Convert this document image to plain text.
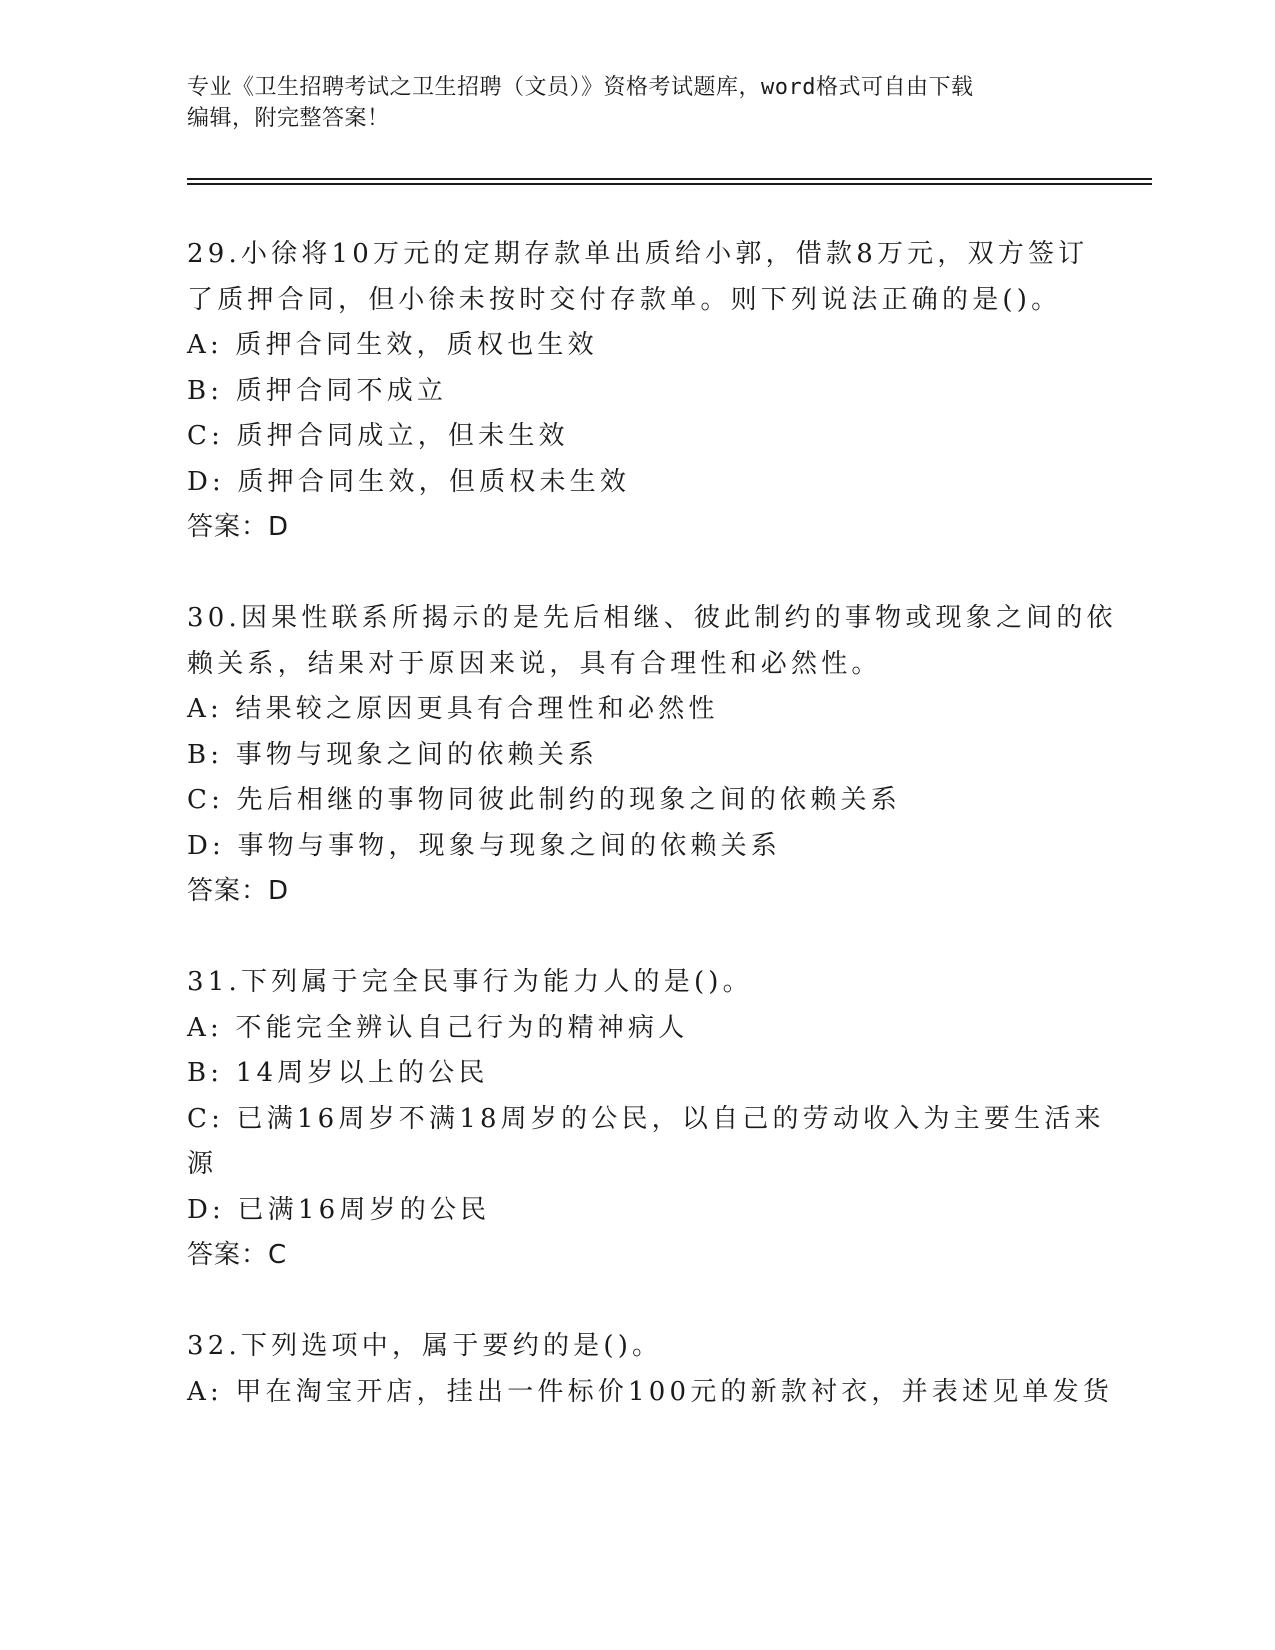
专业《卫生招聘考试之卫生招聘（文员）》资格考试题库，word格式可自由下载
编辑，附完整答案！
29.小徐将10万元的定期存款单出质给小郭，借款8万元，双方签订
了质押合同，但小徐未按时交付存款单。则下列说法正确的是()。
A: 质押合同生效，质权也生效
B: 质押合同不成立
C: 质押合同成立，但未生效
D: 质押合同生效，但质权未生效
答案：D
30.因果性联系所揭示的是先后相继、彼此制约的事物或现象之间的依
赖关系，结果对于原因来说，具有合理性和必然性。
A: 结果较之原因更具有合理性和必然性
B: 事物与现象之间的依赖关系
C: 先后相继的事物同彼此制约的现象之间的依赖关系
D: 事物与事物，现象与现象之间的依赖关系
答案：D
31.下列属于完全民事行为能力人的是()。
A: 不能完全辨认自己行为的精神病人
B: 14周岁以上的公民
C: 已满16周岁不满18周岁的公民，以自己的劳动收入为主要生活来
源
D: 已满16周岁的公民
答案：C
32.下列选项中，属于要约的是()。
A: 甲在淘宝开店，挂出一件标价100元的新款衬衣，并表述见单发货
